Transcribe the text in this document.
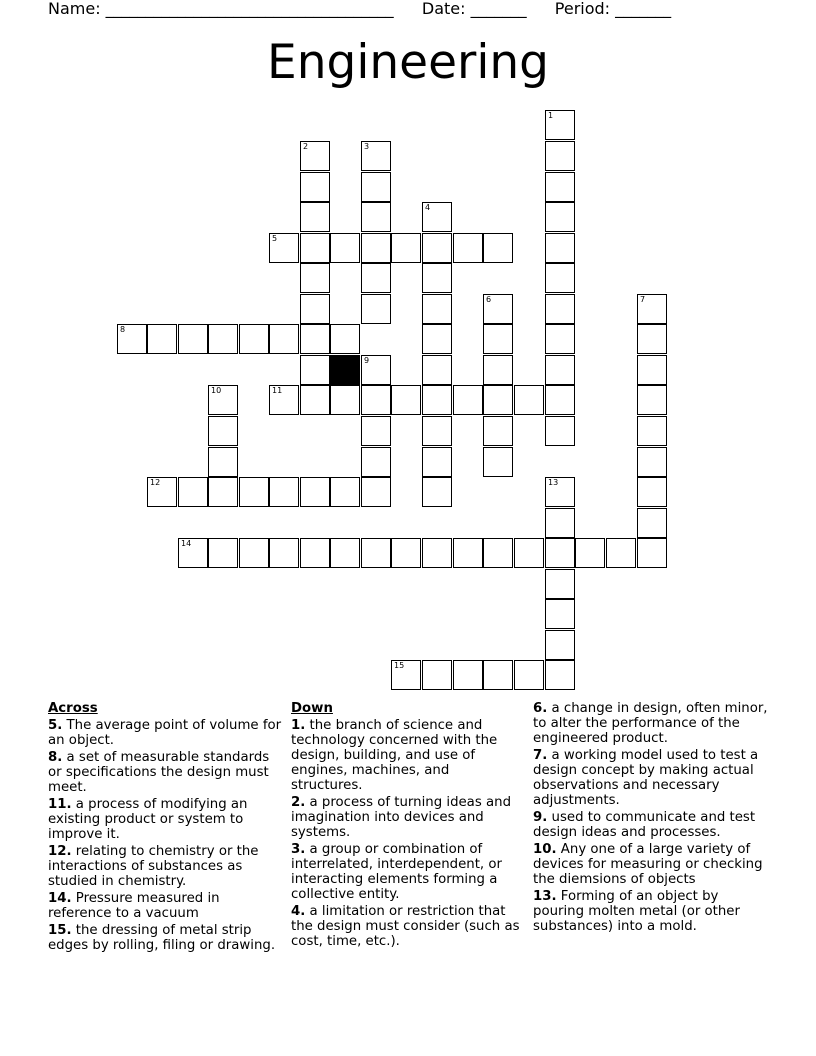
Name: ____________________________________ Date: _______ Period: _______
Engineering
1
2	3
4
5
6	7
8
9
10	11
12	13
14
15
Across
5. The average point of volume for an object.
8. a set of measurable standards or specifications the design must meet.
11. a process of modifying an existing product or system to improve it.
12. relating to chemistry or the interactions of substances as studied in chemistry.
14. Pressure measured in reference to a vacuum
15. the dressing of metal strip edges by rolling, filing or drawing.
Down
1. the branch of science and technology concerned with the design, building, and use of engines, machines, and structures.
2. a process of turning ideas and imagination into devices and systems.
3. a group or combination of interrelated, interdependent, or interacting elements forming a collective entity.
4. a limitation or restriction that the design must consider (such as cost, time, etc.).
6. a change in design, often minor, to alter the performance of the engineered product.
7. a working model used to test a design concept by making actual observations and necessary adjustments.
9. used to communicate and test design ideas and processes.
10. Any one of a large variety of devices for measuring or checking the diemsions of objects
13. Forming of an object by pouring molten metal (or other substances) into a mold.
